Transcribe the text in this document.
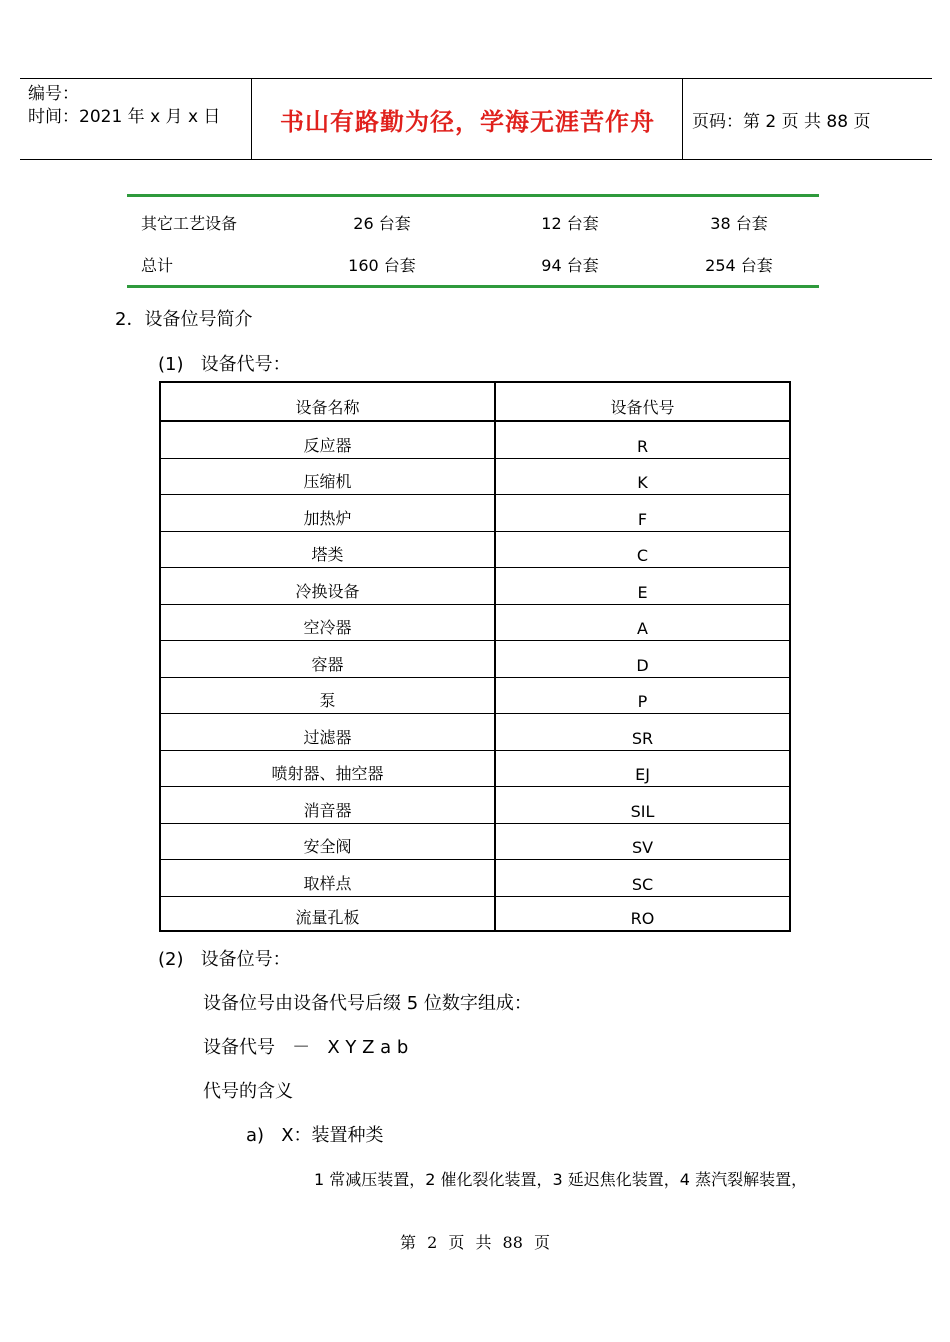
编号：
时间：2021 年 x 月 x 日	书山有路勤为径，学海无涯苦作舟	页码：第 2 页 共 88 页
其它工艺设备	26 台套	12 台套	38 台套
总计	160 台套	94 台套	254 台套
2．设备位号简介
(1)   设备代号：
设备名称	设备代号
反应器	R
压缩机	K
加热炉	F
塔类	C
冷换设备	E
空冷器	A
容器	D
泵	P
过滤器	SR
喷射器、抽空器	EJ
消音器	SIL
安全阀	SV
取样点	SC
流量孔板	RO
(2)   设备位号：
设备位号由设备代号后缀 5 位数字组成：
设备代号   －   X Y Z a b
代号的含义
a)   X：装置种类
1 常减压装置，2 催化裂化装置，3 延迟焦化装置，4 蒸汽裂解装置，
第 2 页 共 88 页
